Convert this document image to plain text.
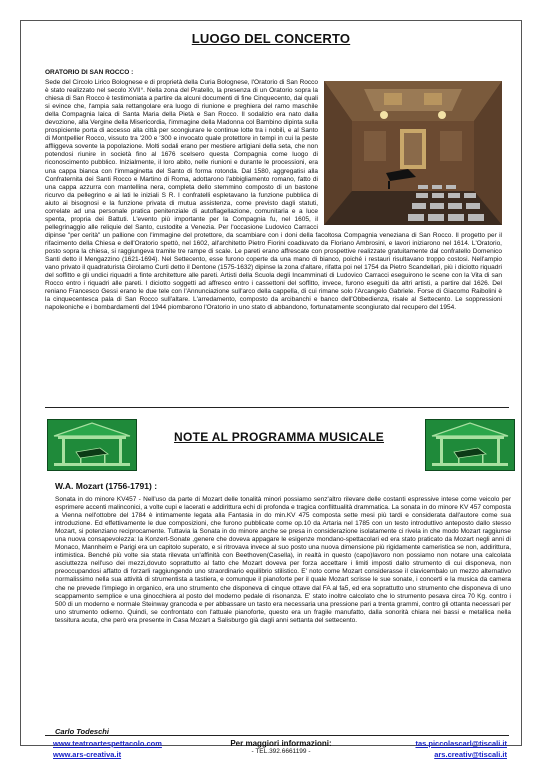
LUOGO DEL CONCERTO
ORATORIO DI SAN ROCCO :

Sede del Circolo Lirico Bolognese e di proprietà della Curia Bolognese, l'Oratorio di San Rocco è stato realizzato nel secolo XVII°. Nella zona del Pratello, la presenza di un Oratorio sopra la chiesa di San Rocco è testimoniata a partire da alcuni documenti di fine Cinquecento, dai quali si evince che, l'ampia sala rettangolare era luogo di riunione e preghiera del ramo maschile della Compagnia laica di Santa Maria della Pietà e San Rocco. Il sodalizio era nato dalla devozione, alla Vergine della Misericordia, l'immagine della Madonna col Bambino dipinta sulla prospiciente porta di accesso alla città per scongiurare le continue lotte tra i nobili, e al Santo di Montpellier Rocco, vissuto tra '200 e '300 e invocato quale protettore in tempi in cui la peste affliggeva sovente la popolazione. Molti sodali erano per mestiere artigiani della seta, che non potendosi riunire in società fino al 1676 scelsero questa Compagnia come luogo di riconoscimento pubblico. Inizialmente, il loro abito, nelle riunioni e durante le processioni, era una cappa bianca con l'immaginetta del Santo di forma rotonda. Dal 1580, aggregatisi alla Confraternita dei Santi Rocco e Martino di Roma, adottarono l'abbigliamento romano, fatto di una cappa azzurra con mantellina nera, completa dello stemmino composto di un bastone ricurvo da pellegrino e ai lati le iniziali S R. I confratelli espletavano la funzione pubblica di aiuto ai bisognosi e la funzione privata di mutua assistenza, come previsto dagli statuti, correlate ad una personale pratica penitenziale di autoflagellazione, comunitaria e a luce spenta, propria dei Battuti. L'evento più importante per la Compagnia fu, nel 1605, il pellegrinaggio alle reliquie del Santo, custodite a Venezia. Per l'occasione Ludovico Carracci dipinse "per cerità" un pallione con l'immagine del protettore, da scambiare con i doni della facoltosa Compagnia veneziana di San Rocco. Il progetto per il rifacimento della Chiesa e dell'Oratorio spettò, nel 1602, all'architetto Pietro Fiorini coadiuvato da Floriano Ambrosini, e lavori iniziarono nel 1614. L'Oratorio, posto sopra la chiesa, si raggiungeva tramite tre rampe di scale. Le pareti erano affrescate con prospettive realizzate gratuitamente dal confratello Domenico Santi detto il Mengazzino (1621-1694). Nel Settecento, esse furono coperte da una mano di bianco, poiché i restauri risultavano troppo costosi. Nell'ampio vano privato il quadraturista Girolamo Curti detto il Dentone (1575-1632) dipinse la zona d'altare, rifatta poi nel 1754 da Pietro Scandellari, più i diciotto riquadri del soffitto e gli undici riquadri a finte architetture alle pareti. Artisti della Scuola degli Incamminati di Ludovico Carracci eseguirono le scene con la Vita di san Rocco entro i riquadri alle pareti. I diciotto soggetti ad affresco entro i cassettoni del soffitto, invece, furono eseguiti da altri artisti, a partire dal 1626. Del reniano Francesco Gessi erano le due tele con l'Annunciazione sull'arco della cappella, di cui rimane solo l'Arcangelo Gabriele. Forse di Giacomo Raibolini è la cinquecentesca pala di San Rocco sull'altare. L'arredamento, composto da arcibanchi e banco dell'Obbedienza, risale al Settecento. Le soppressioni napoleoniche e i bombardamenti del 1944 piombarono l'Oratorio in uno stato di abbandono, fortunatamente scongiurato dal recupero del 1954.

NOTE AL PROGRAMMA MUSICALE
W.A. Mozart (1756-1791) :

Sonata in do minore KV457 - Nell'uso da parte di Mozart delle tonalità minori possiamo senz'altro rilevare delle costanti espressive intese come veicolo per esprimere accenti malinconici, a volte cupi e lacerati e addirittura echi di profonda e tragica conflittualità drammatica. La sonata in do minore KV 457 composta a Vienna nell'ottobre del 1784 è intimamente legata alla Fantasia in do min.KV 475 composta sette mesi più tardi e considerata dall'autore come sua introduzione. Ed effettivamente le due composizioni, che furono pubblicate come op.10 da Artaria nel 1785 con un testo introduttivo anteposto dallo stesso Mozart, si potenziano reciprocamente. Tuttavia la Sonata in do minore anche se presa in considerazione isolatamente ci rivela in che modo Mozart raggiunse una nuova consapevolezza: la Konzert-Sonate ,genere che doveva appagare le esigenze mondano-spettacolari ed era stato praticato da Mozart negli anni di Monaco, Mannheim e Parigi era un capitolo superato, e si ritrovava invece al suo posto una nuova dimensione più rigidamente cameristica se non, addirittura, intimistica. Benché più volte sia stata rilevata un'affinità con Beethoven(Casella), in realtà in questo (capo)lavoro non possiamo non notare una calcolata asciuttezza nell'uso dei mezzi,dovuto soprattutto al fatto che Mozart doveva per forza accettare i limiti imposti dallo strumento di cui disponeva, non preoccupandosi affatto di forzarli raggiungendo uno straordinario equilibrio stilistico. E' noto come Mozart considerasse il clavicembalo un mezzo alternativo normalissimo nella sua attività di strumentista a tastiera, e comunque il pianoforte per il quale Mozart scrisse le sue sonate, i concerti e la musica da camera che ne prevede l'impiego in organico, era uno strumento che disponeva di cinque ottave dal FA al fa5, ed era soprattutto uno strumento che disponeva di uno scappamento semplice e una ginocchiera al posto del moderno pedale di risonanza. E' stato inoltre calcolato che lo strumento pesava circa 70 Kg. contro i 500 di un moderno e normale Steinway grancoda e per abbassare un tasto era necessaria una pressione pari a trenta grammi, contro gli ottanta necessari per uno strumento odierno. Quindi, se confrontato con l'attuale pianoforte, questo era un fragile manufatto, dalla sonorità chiara nei bassi e metallica nella tessitura acuta, che però era presente in Casa Mozart a Salisburgo già dagli anni settanta del settecento.

Carlo Todeschi
www.teatroartespettacolo.com
www.ars-creativa.it
Per maggiori informazioni:
- TEL.392.6661199 -
tas.piccolascarl@tiscali.it
ars.creativ@tiscali.it
